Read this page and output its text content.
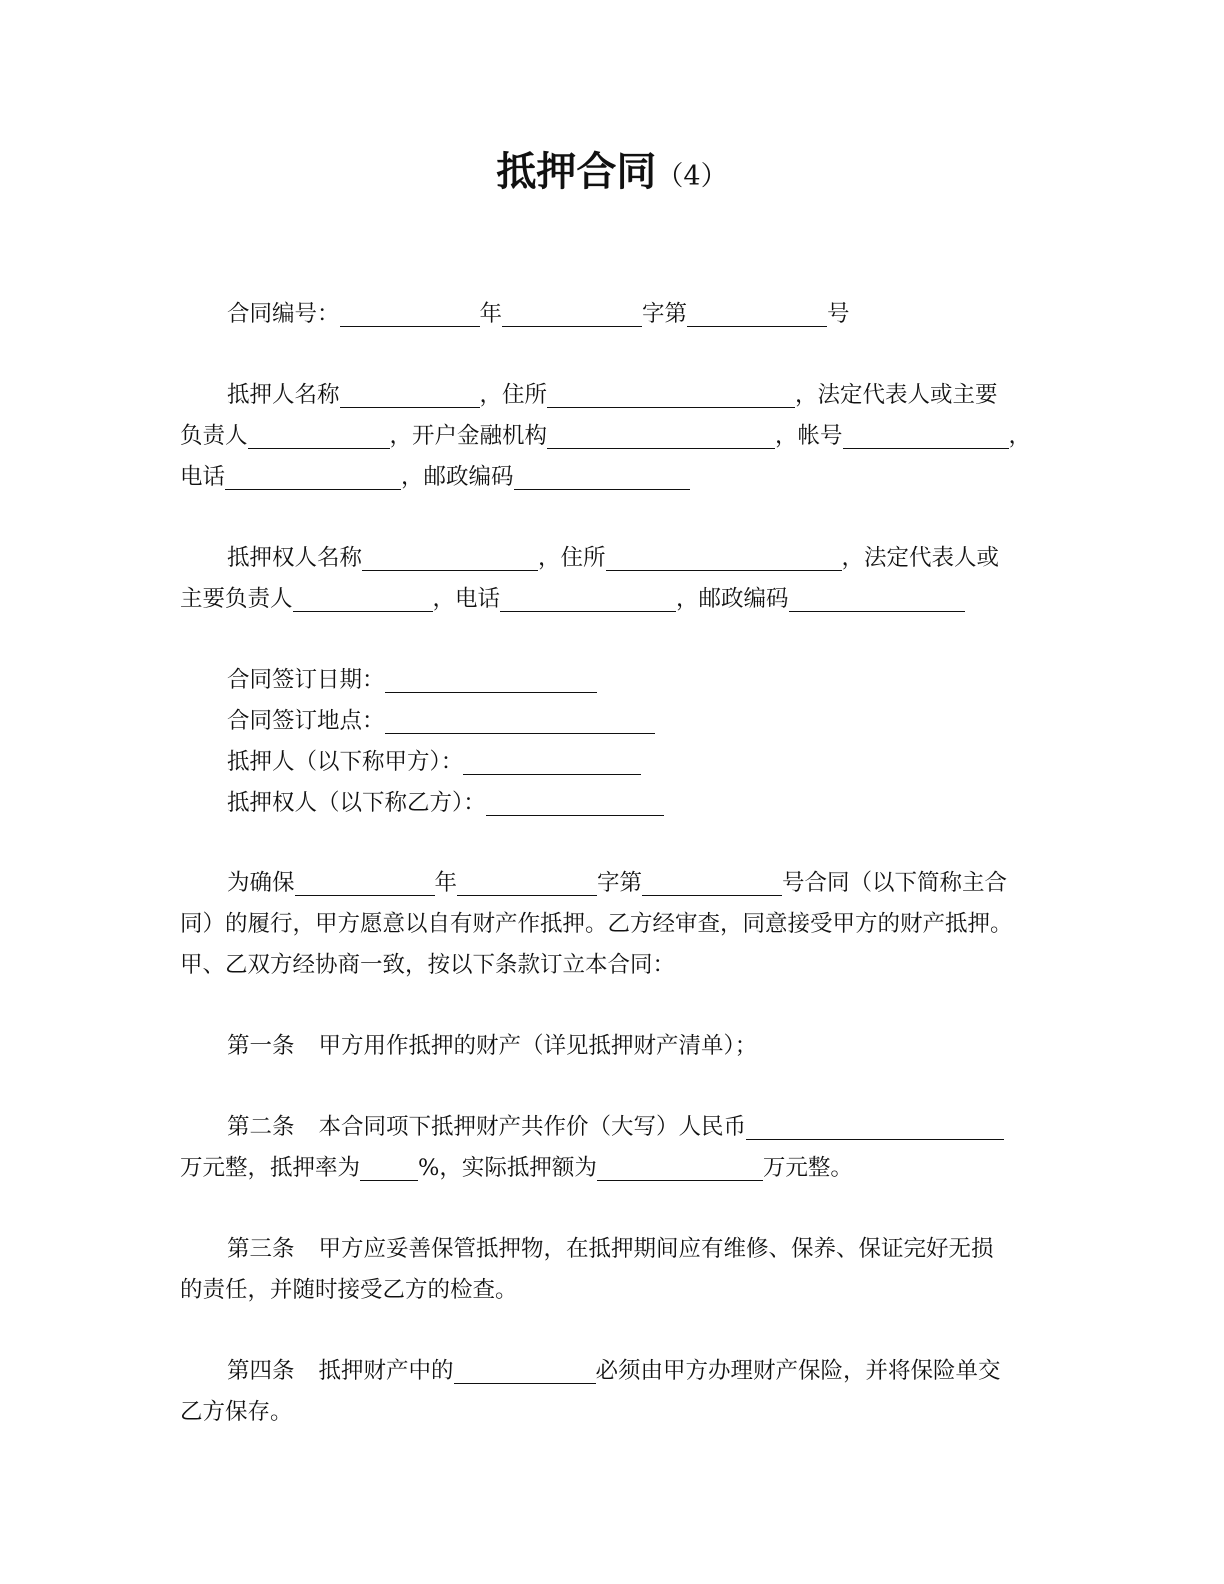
抵押合同（4）
合同编号：	年	字第	号
抵押人名称	，住所	，法定代表人或主要
负责人	，开户金融机构	，帐号	，
电话	，邮政编码
抵押权人名称	，住所	，法定代表人或
主要负责人	，电话	，邮政编码
合同签订日期：
合同签订地点：
抵押人（以下称甲方）：
抵押权人（以下称乙方）：
为确保	年	字第	号合同（以下简称主合
同）的履行，甲方愿意以自有财产作抵押。乙方经审查，同意接受甲方的财产抵押。
甲、乙双方经协商一致，按以下条款订立本合同：
第一条 甲方用作抵押的财产（详见抵押财产清单）；
第二条 本合同项下抵押财产共作价（大写）人民币
万元整，抵押率为	%，实际抵押额为	万元整。
第三条 甲方应妥善保管抵押物，在抵押期间应有维修、保养、保证完好无损
的责任，并随时接受乙方的检查。
第四条 抵押财产中的	必须由甲方办理财产保险，并将保险单交
乙方保存。
